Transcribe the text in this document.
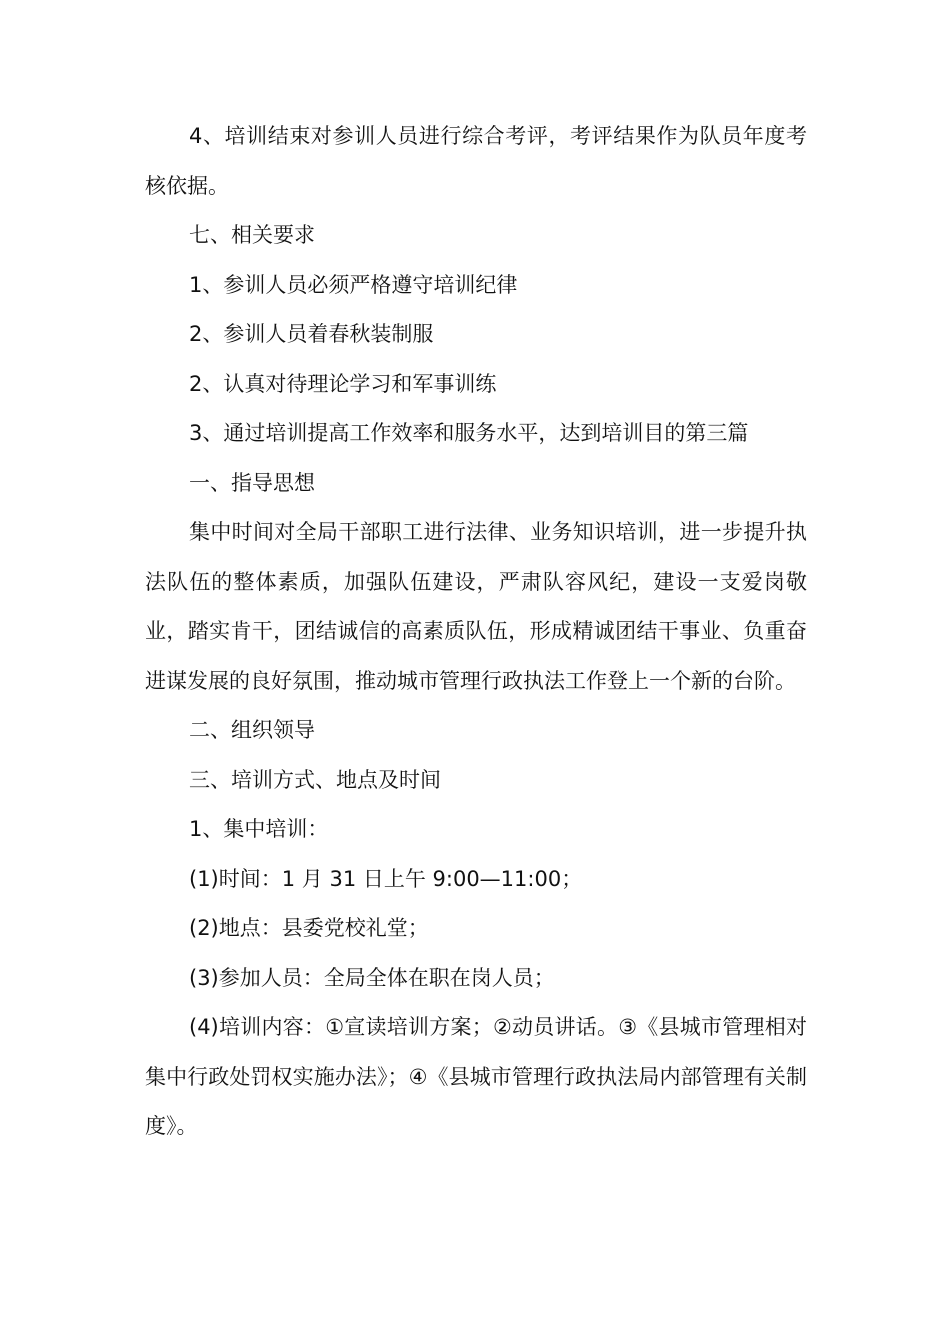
4、培训结束对参训人员进行综合考评，考评结果作为队员年度考核依据。

七、相关要求

1、参训人员必须严格遵守培训纪律

2、参训人员着春秋装制服

2、认真对待理论学习和军事训练

3、通过培训提高工作效率和服务水平，达到培训目的第三篇

一、指导思想

集中时间对全局干部职工进行法律、业务知识培训，进一步提升执法队伍的整体素质，加强队伍建设，严肃队容风纪，建设一支爱岗敬业，踏实肯干，团结诚信的高素质队伍，形成精诚团结干事业、负重奋进谋发展的良好氛围，推动城市管理行政执法工作登上一个新的台阶。

二、组织领导

三、培训方式、地点及时间

1、集中培训：

(1)时间：1 月 31 日上午 9:00—11:00；

(2)地点：县委党校礼堂；

(3)参加人员：全局全体在职在岗人员；

(4)培训内容：①宣读培训方案；②动员讲话。③《县城市管理相对集中行政处罚权实施办法》；④《县城市管理行政执法局内部管理有关制度》。
